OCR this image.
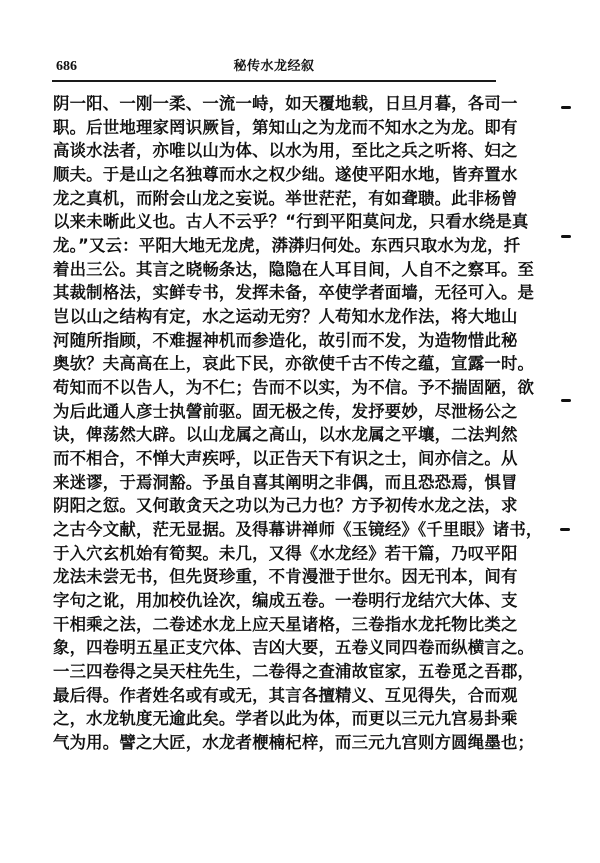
686	秘传水龙经叙
阴一阳、一刚一柔、一流一峙，如天覆地载，日旦月暮，各司一
职。后世地理家罔识厥旨，第知山之为龙而不知水之为龙。即有
高谈水法者，亦唯以山为体、以水为用，至比之兵之听将、妇之
顺夫。于是山之名独尊而水之权少绌。遂使平阳水地，皆弃置水
龙之真机，而附会山龙之妄说。举世茫茫，有如聋聩。此非杨曾
以来未晰此义也。古人不云乎？“行到平阳莫问龙，只看水绕是真
龙。”又云：平阳大地无龙虎，漭漭归何处。东西只取水为龙，扦
着出三公。其言之晓畅条达，隐隐在人耳目间，人自不之察耳。至
其裁制格法，实鲜专书，发挥未备，卒使学者面墙，无径可入。是
岂以山之结构有定，水之运动无穷？人苟知水龙作法，将大地山
河随所指顾，不难握神机而参造化，故引而不发，为造物惜此秘
奥欤？夫高高在上，哀此下民，亦欲使千古不传之蕴，宣露一时。
苟知而不以告人，为不仁；告而不以实，为不信。予不揣固陋，欲
为后此通人彦士执謍前驱。固无极之传，发抒要妙，尽泄杨公之
诀，俾荡然大辟。以山龙属之高山，以水龙属之平壤，二法判然
而不相合，不惮大声疾呼，以正告天下有识之士，间亦信之。从
来迷谬，于焉洞豁。予虽自喜其阐明之非偶，而且恐恐焉，惧冒
阴阳之愆。又何敢贪天之功以为己力也？方予初传水龙之法，求
之古今文献，茫无显据。及得幕讲禅师《玉镜经》《千里眼》诸书，
于入穴玄机始有筍契。未几，又得《水龙经》若干篇，乃叹平阳
龙法未尝无书，但先贤珍重，不肯漫泄于世尔。因无刊本，间有
字句之讹，用加校仇诠次，编成五卷。一卷明行龙结穴大体、支
干相乘之法，二卷述水龙上应天星诸格，三卷指水龙托物比类之
象，四卷明五星正支穴体、吉凶大要，五卷义同四卷而纵横言之。
一三四卷得之吴天柱先生，二卷得之查浦故宦家，五卷觅之吾郡，
最后得。作者姓名或有或无，其言各擅精义、互见得失，合而观
之，水龙轨度无逾此矣。学者以此为体，而更以三元九宫易卦乘
气为用。譬之大匠，水龙者楩楠杞梓，而三元九宫则方圆绳墨也；
